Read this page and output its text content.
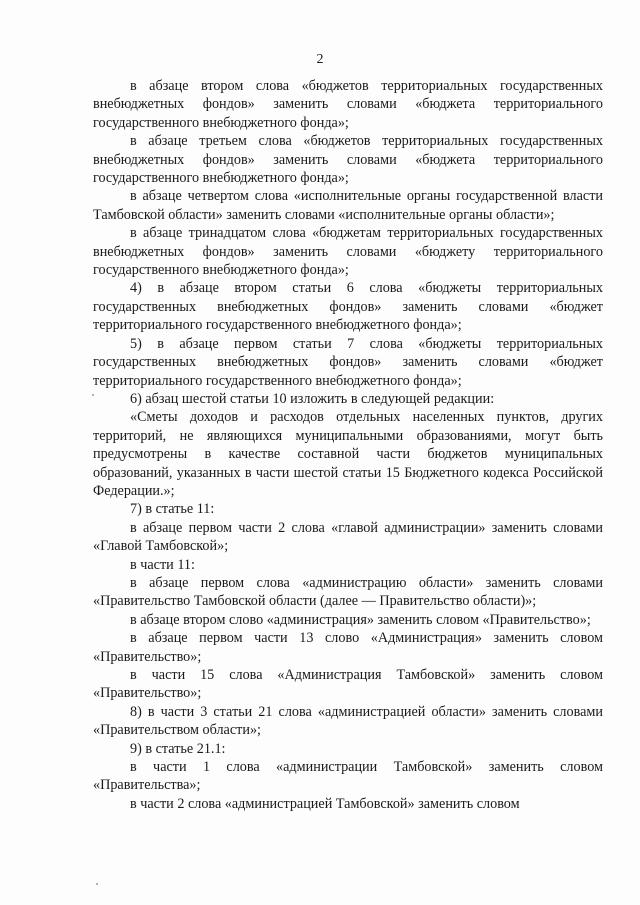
2

в абзаце втором слова «бюджетов территориальных государственных внебюджетных фондов» заменить словами «бюджета территориального государственного внебюджетного фонда»;

в абзаце третьем слова «бюджетов территориальных государственных внебюджетных фондов» заменить словами «бюджета территориального государственного внебюджетного фонда»;

в абзаце четвертом слова «исполнительные органы государственной власти Тамбовской области» заменить словами «исполнительные органы области»;

в абзаце тринадцатом слова «бюджетам территориальных государственных внебюджетных фондов» заменить словами «бюджету территориального государственного внебюджетного фонда»;

4) в абзаце втором статьи 6 слова «бюджеты территориальных государственных внебюджетных фондов» заменить словами «бюджет территориального государственного внебюджетного фонда»;

5) в абзаце первом статьи 7 слова «бюджеты территориальных государственных внебюджетных фондов» заменить словами «бюджет территориального государственного внебюджетного фонда»;

6) абзац шестой статьи 10 изложить в следующей редакции:

«Сметы доходов и расходов отдельных населенных пунктов, других территорий, не являющихся муниципальными образованиями, могут быть предусмотрены в качестве составной части бюджетов муниципальных образований, указанных в части шестой статьи 15 Бюджетного кодекса Российской Федерации.»;

7) в статье 11:

в абзаце первом части 2 слова «главой администрации» заменить словами «Главой Тамбовской»;

в части 11:

в абзаце первом слова «администрацию области» заменить словами «Правительство Тамбовской области (далее — Правительство области)»;

в абзаце втором слово «администрация» заменить словом «Правительство»;

в абзаце первом части 13 слово «Администрация» заменить словом «Правительство»;

в части 15 слова «Администрация Тамбовской» заменить словом «Правительство»;

8) в части 3 статьи 21 слова «администрацией области» заменить словами «Правительством области»;

9) в статье 21.1:

в части 1 слова «администрации Тамбовской» заменить словом «Правительства»;

в части 2 слова «администрацией Тамбовской» заменить словом
